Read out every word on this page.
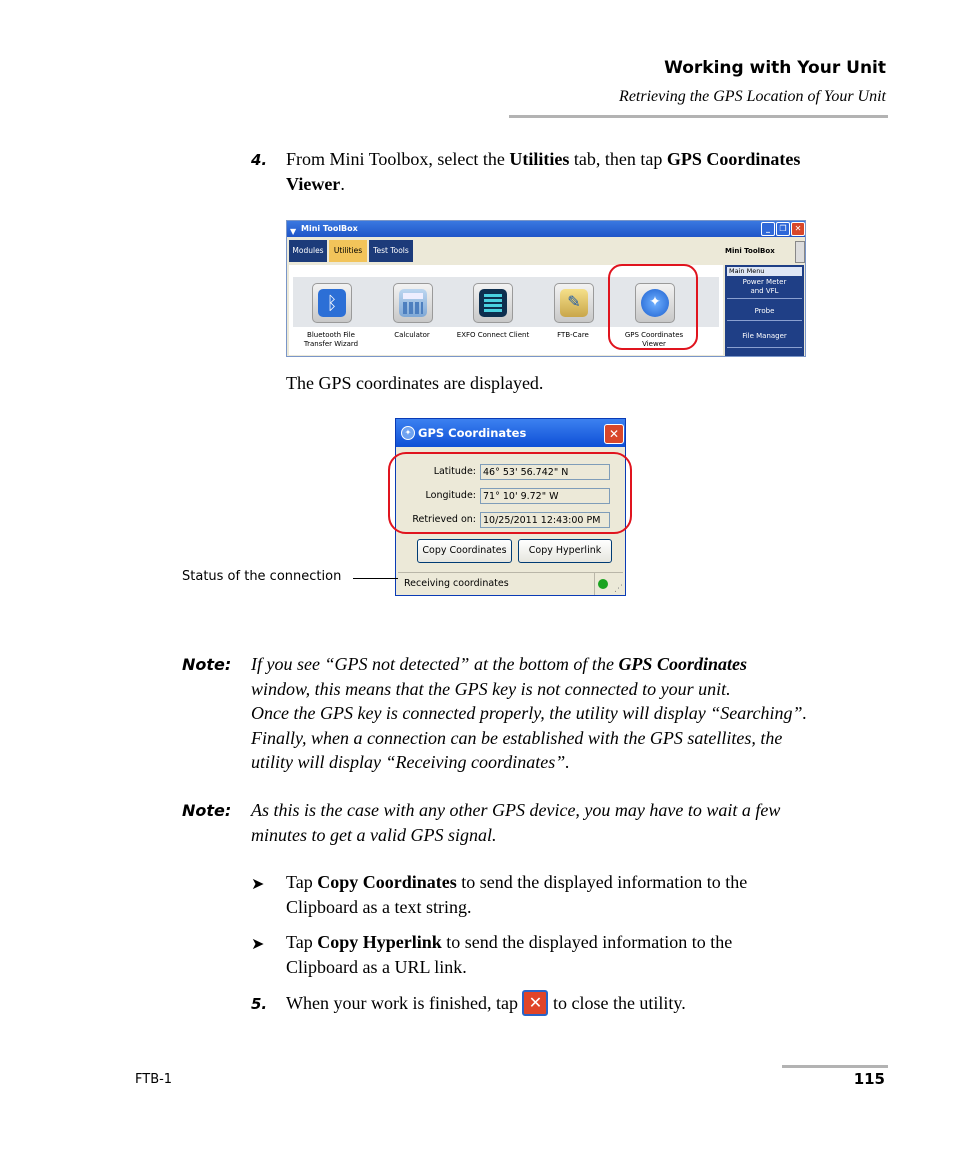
Working with Your Unit
Retrieving the GPS Location of Your Unit
4. From Mini Toolbox, select the Utilities tab, then tap GPS Coordinates
Viewer.
▼ Mini ToolBox	_	❐	✕
Modules	Utilities	Test Tools	Mini ToolBox
ᛒ	✎	✦
Bluetooth File
Transfer Wizard
Calculator	EXFO Connect Client	FTB-Care	GPS Coordinates
Viewer
Main Menu
Power Meter
and VFL
Probe
File Manager
The GPS coordinates are displayed.
✦ GPS Coordinates	✕
Latitude: 46° 53' 56.742" N
Longitude: 71° 10' 9.72" W
Retrieved on: 10/25/2011 12:43:00 PM
Copy Coordinates	Copy Hyperlink
Receiving coordinates	⋰
Status of the connection
Note: If you see “GPS not detected” at the bottom of the GPS Coordinates
window, this means that the GPS key is not connected to your unit.
Once the GPS key is connected properly, the utility will display “Searching”.
Finally, when a connection can be established with the GPS satellites, the
utility will display “Receiving coordinates”.
Note: As this is the case with any other GPS device, you may have to wait a few
minutes to get a valid GPS signal.
➤ Tap Copy Coordinates to send the displayed information to the
Clipboard as a text string.
➤ Tap Copy Hyperlink to send the displayed information to the
Clipboard as a URL link.
5. When your work is finished, tap ✕ to close the utility.
FTB-1	115
